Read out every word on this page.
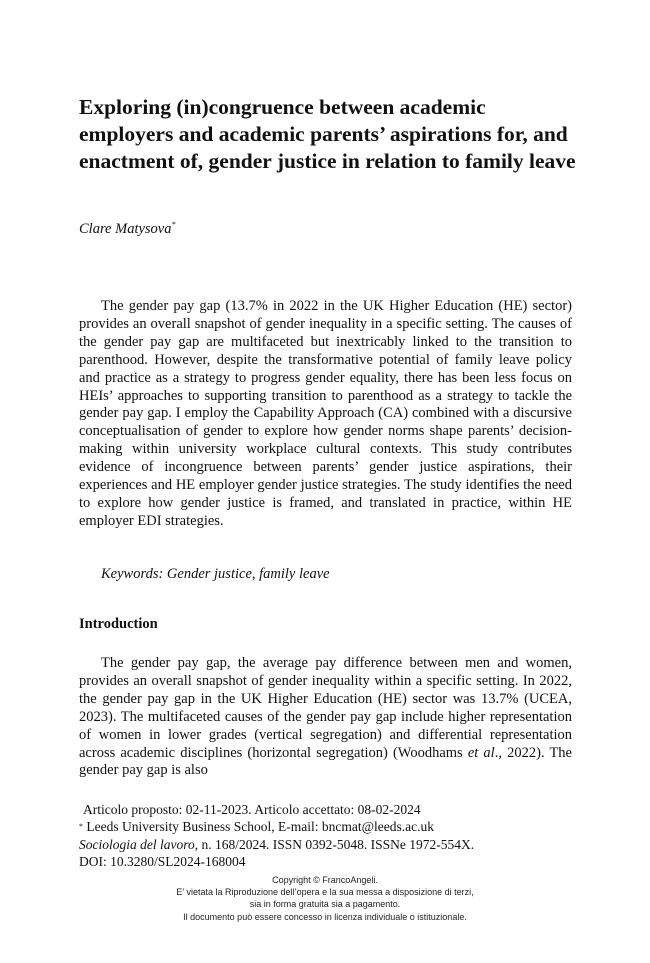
Exploring (in)congruence between academic employers and academic parents’ aspirations for, and enactment of, gender justice in relation to family leave
Clare Matysova*

The gender pay gap (13.7% in 2022 in the UK Higher Education (HE) sector) provides an overall snapshot of gender inequality in a specific setting. The causes of the gender pay gap are multifaceted but inextricably linked to the transition to parenthood. However, despite the transformative potential of family leave policy and practice as a strategy to progress gender equality, there has been less focus on HEIs’ approaches to supporting transition to parenthood as a strategy to tackle the gender pay gap. I employ the Capability Approach (CA) combined with a discursive conceptualisation of gender to explore how gender norms shape parents’ decision-making within university workplace cultural contexts. This study contributes evidence of incongruence between parents’ gender justice aspirations, their experiences and HE employer gender justice strategies. The study identifies the need to explore how gender justice is framed, and translated in practice, within HE employer EDI strategies.

Keywords: Gender justice, family leave
Introduction

The gender pay gap, the average pay difference between men and women, provides an overall snapshot of gender inequality within a specific setting. In 2022, the gender pay gap in the UK Higher Education (HE) sector was 13.7% (UCEA, 2023). The multifaceted causes of the gender pay gap include higher representation of women in lower grades (vertical segregation) and differential representation across academic disciplines (horizontal segregation) (Woodhams et al., 2022). The gender pay gap is also

Articolo proposto: 02-11-2023. Articolo accettato: 08-02-2024
* Leeds University Business School, E-mail: bncmat@leeds.ac.uk
Sociologia del lavoro, n. 168/2024. ISSN 0392-5048. ISSNe 1972-554X.
DOI: 10.3280/SL2024-168004
Copyright © FrancoAngeli.
E’ vietata la Riproduzione dell’opera e la sua messa a disposizione di terzi,
sia in forma gratuita sia a pagamento.
Il documento può essere concesso in licenza individuale o istituzionale.
